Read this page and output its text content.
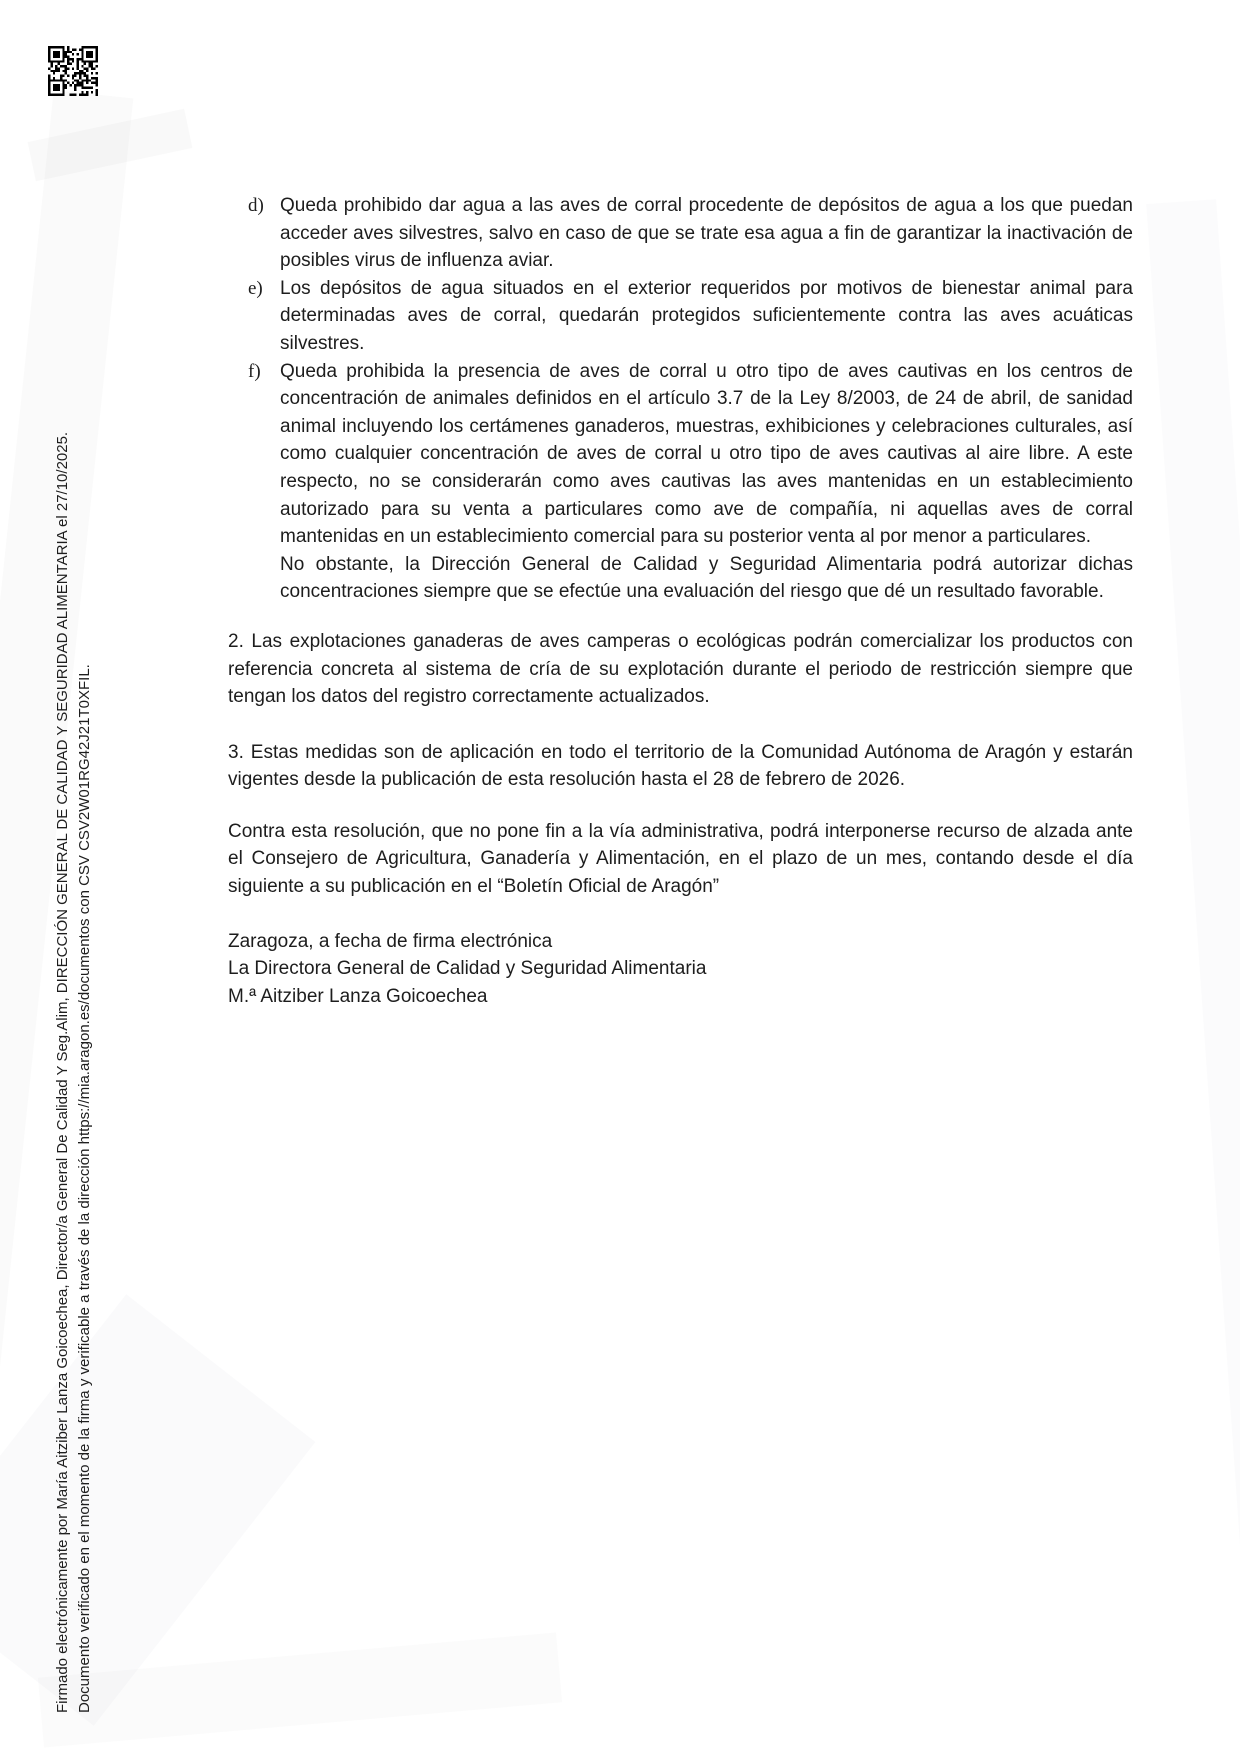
Firmado electrónicamente por María Aitziber Lanza Goicoechea, Director/a General De Calidad Y Seg.Alim, DIRECCIÓN GENERAL DE CALIDAD Y SEGURIDAD ALIMENTARIA el 27/10/2025. Documento verificado en el momento de la firma y verificable a través de la dirección https://mia.aragon.es/documentos con CSV CSV2W01RG42J21T0XFIL.
d) Queda prohibido dar agua a las aves de corral procedente de depósitos de agua a los que puedan acceder aves silvestres, salvo en caso de que se trate esa agua a fin de garantizar la inactivación de posibles virus de influenza aviar.
e) Los depósitos de agua situados en el exterior requeridos por motivos de bienestar animal para determinadas aves de corral, quedarán protegidos suficientemente contra las aves acuáticas silvestres.
f)	Queda prohibida la presencia de aves de corral u otro tipo de aves cautivas en los centros de concentración de animales definidos en el artículo 3.7 de la Ley 8/2003, de 24 de abril, de sanidad animal incluyendo los certámenes ganaderos, muestras, exhibiciones y celebraciones culturales, así como cualquier concentración de aves de corral u otro tipo de aves cautivas al aire libre. A este respecto, no se considerarán como aves cautivas las aves mantenidas en un establecimiento autorizado para su venta a particulares como ave de compañía, ni aquellas aves de corral mantenidas en un establecimiento comercial para su posterior venta al por menor a particulares.
No obstante, la Dirección General de Calidad y Seguridad Alimentaria podrá autorizar dichas concentraciones siempre que se efectúe una evaluación del riesgo que dé un resultado favorable.
2. Las explotaciones ganaderas de aves camperas o ecológicas podrán comercializar los productos con referencia concreta al sistema de cría de su explotación durante el periodo de restricción siempre que tengan los datos del registro correctamente actualizados.
3. Estas medidas son de aplicación en todo el territorio de la Comunidad Autónoma de Aragón y estarán vigentes desde la publicación de esta resolución hasta el 28 de febrero de 2026.
Contra esta resolución, que no pone fin a la vía administrativa, podrá interponerse recurso de alzada ante el Consejero de Agricultura, Ganadería y Alimentación, en el plazo de un mes, contando desde el día siguiente a su publicación en el “Boletín Oficial de Aragón”
Zaragoza, a fecha de firma electrónica
La Directora General de Calidad y Seguridad Alimentaria
M.ª Aitziber Lanza Goicoechea
